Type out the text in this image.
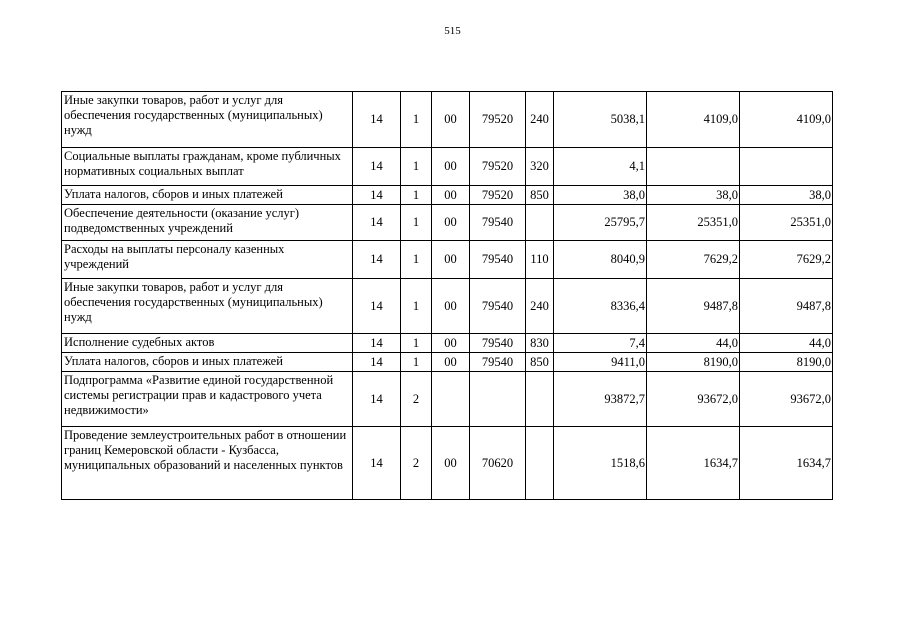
515
Иные закупки товаров, работ и услуг для обеспечения государственных (муниципальных) нужд	14	1	00	79520	240	5038,1	4109,0	4109,0
Социальные выплаты гражданам, кроме публичных нормативных социальных выплат	14	1	00	79520	320	4,1		
Уплата налогов, сборов и иных платежей	14	1	00	79520	850	38,0	38,0	38,0
Обеспечение деятельности (оказание услуг) подведомственных учреждений	14	1	00	79540		25795,7	25351,0	25351,0
Расходы на выплаты персоналу казенных учреждений	14	1	00	79540	110	8040,9	7629,2	7629,2
Иные закупки товаров, работ и услуг для обеспечения государственных (муниципальных) нужд	14	1	00	79540	240	8336,4	9487,8	9487,8
Исполнение судебных актов	14	1	00	79540	830	7,4	44,0	44,0
Уплата налогов, сборов и иных платежей	14	1	00	79540	850	9411,0	8190,0	8190,0
Подпрограмма «Развитие единой государственной системы регистрации прав и кадастрового учета недвижимости»	14	2				93872,7	93672,0	93672,0
Проведение землеустроительных работ в отношении границ Кемеровской области - Кузбасса, муниципальных образований и населенных пунктов	14	2	00	70620		1518,6	1634,7	1634,7
